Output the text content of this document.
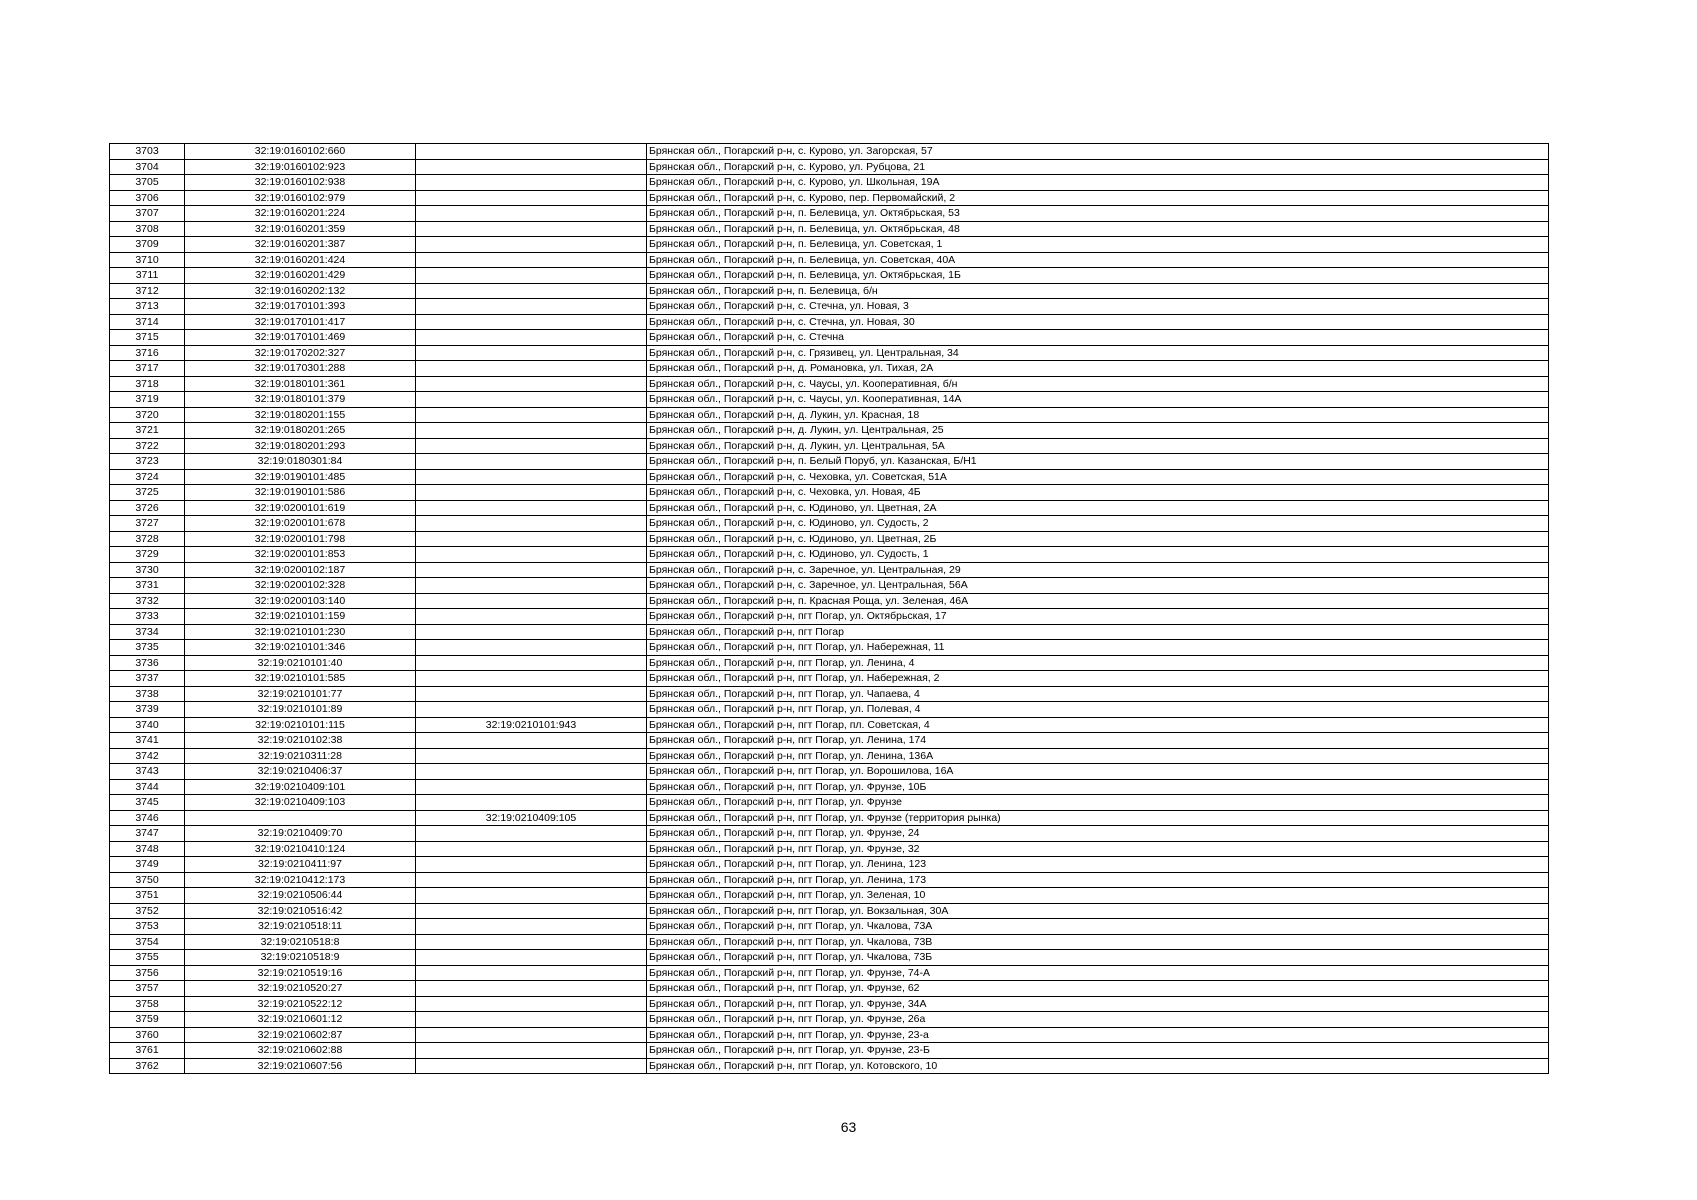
3703	32:19:0160102:660		Брянская обл., Погарский р-н, с. Курово, ул. Загорская, 57
3704	32:19:0160102:923		Брянская обл., Погарский р-н, с. Курово, ул. Рубцова, 21
3705	32:19:0160102:938		Брянская обл., Погарский р-н, с. Курово, ул. Школьная, 19А
3706	32:19:0160102:979		Брянская обл., Погарский р-н, с. Курово, пер. Первомайский, 2
3707	32:19:0160201:224		Брянская обл., Погарский р-н, п. Белевица, ул. Октябрьская, 53
3708	32:19:0160201:359		Брянская обл., Погарский р-н, п. Белевица, ул. Октябрьская, 48
3709	32:19:0160201:387		Брянская обл., Погарский р-н, п. Белевица, ул. Советская, 1
3710	32:19:0160201:424		Брянская обл., Погарский р-н, п. Белевица, ул. Советская, 40А
3711	32:19:0160201:429		Брянская обл., Погарский р-н, п. Белевица, ул. Октябрьская, 1Б
3712	32:19:0160202:132		Брянская обл., Погарский р-н, п. Белевица, б/н
3713	32:19:0170101:393		Брянская обл., Погарский р-н, с. Стечна, ул. Новая, 3
3714	32:19:0170101:417		Брянская обл., Погарский р-н, с. Стечна, ул. Новая, 30
3715	32:19:0170101:469		Брянская обл., Погарский р-н, с. Стечна
3716	32:19:0170202:327		Брянская обл., Погарский р-н, с. Грязивец, ул. Центральная, 34
3717	32:19:0170301:288		Брянская обл., Погарский р-н, д. Романовка, ул. Тихая, 2А
3718	32:19:0180101:361		Брянская обл., Погарский р-н, с. Чаусы, ул. Кооперативная, б/н
3719	32:19:0180101:379		Брянская обл., Погарский р-н, с. Чаусы, ул. Кооперативная, 14А
3720	32:19:0180201:155		Брянская обл., Погарский р-н, д. Лукин, ул. Красная, 18
3721	32:19:0180201:265		Брянская обл., Погарский р-н, д. Лукин, ул. Центральная, 25
3722	32:19:0180201:293		Брянская обл., Погарский р-н, д. Лукин, ул. Центральная, 5А
3723	32:19:0180301:84		Брянская обл., Погарский р-н, п. Белый Поруб, ул. Казанская, Б/Н1
3724	32:19:0190101:485		Брянская обл., Погарский р-н, с. Чеховка, ул. Советская, 51А
3725	32:19:0190101:586		Брянская обл., Погарский р-н, с. Чеховка, ул. Новая, 4Б
3726	32:19:0200101:619		Брянская обл., Погарский р-н, с. Юдиново, ул. Цветная, 2А
3727	32:19:0200101:678		Брянская обл., Погарский р-н, с. Юдиново, ул. Судость, 2
3728	32:19:0200101:798		Брянская обл., Погарский р-н, с. Юдиново, ул. Цветная, 2Б
3729	32:19:0200101:853		Брянская обл., Погарский р-н, с. Юдиново, ул. Судость, 1
3730	32:19:0200102:187		Брянская обл., Погарский р-н, с. Заречное, ул. Центральная, 29
3731	32:19:0200102:328		Брянская обл., Погарский р-н, с. Заречное, ул. Центральная, 56А
3732	32:19:0200103:140		Брянская обл., Погарский р-н, п. Красная Роща, ул. Зеленая, 46А
3733	32:19:0210101:159		Брянская обл., Погарский р-н, пгт Погар, ул. Октябрьская, 17
3734	32:19:0210101:230		Брянская обл., Погарский р-н, пгт Погар
3735	32:19:0210101:346		Брянская обл., Погарский р-н, пгт Погар, ул. Набережная, 11
3736	32:19:0210101:40		Брянская обл., Погарский р-н, пгт Погар, ул. Ленина, 4
3737	32:19:0210101:585		Брянская обл., Погарский р-н, пгт Погар, ул. Набережная, 2
3738	32:19:0210101:77		Брянская обл., Погарский р-н, пгт Погар, ул. Чапаева, 4
3739	32:19:0210101:89		Брянская обл., Погарский р-н, пгт Погар, ул. Полевая, 4
3740	32:19:0210101:115	32:19:0210101:943	Брянская обл., Погарский р-н, пгт Погар, пл. Советская, 4
3741	32:19:0210102:38		Брянская обл., Погарский р-н, пгт Погар, ул. Ленина, 174
3742	32:19:0210311:28		Брянская обл., Погарский р-н, пгт Погар, ул. Ленина, 136А
3743	32:19:0210406:37		Брянская обл., Погарский р-н, пгт Погар, ул. Ворошилова, 16А
3744	32:19:0210409:101		Брянская обл., Погарский р-н, пгт Погар, ул. Фрунзе, 10Б
3745	32:19:0210409:103		Брянская обл., Погарский р-н, пгт Погар, ул. Фрунзе
3746		32:19:0210409:105	Брянская обл., Погарский р-н, пгт Погар, ул. Фрунзе (территория рынка)
3747	32:19:0210409:70		Брянская обл., Погарский р-н, пгт Погар, ул. Фрунзе, 24
3748	32:19:0210410:124		Брянская обл., Погарский р-н, пгт Погар, ул. Фрунзе, 32
3749	32:19:0210411:97		Брянская обл., Погарский р-н, пгт Погар, ул. Ленина, 123
3750	32:19:0210412:173		Брянская обл., Погарский р-н, пгт Погар, ул. Ленина, 173
3751	32:19:0210506:44		Брянская обл., Погарский р-н, пгт Погар, ул. Зеленая, 10
3752	32:19:0210516:42		Брянская обл., Погарский р-н, пгт Погар, ул. Вокзальная, 30А
3753	32:19:0210518:11		Брянская обл., Погарский р-н, пгт Погар, ул. Чкалова, 73А
3754	32:19:0210518:8		Брянская обл., Погарский р-н, пгт Погар, ул. Чкалова, 73В
3755	32:19:0210518:9		Брянская обл., Погарский р-н, пгт Погар, ул. Чкалова, 73Б
3756	32:19:0210519:16		Брянская обл., Погарский р-н, пгт Погар, ул. Фрунзе, 74-А
3757	32:19:0210520:27		Брянская обл., Погарский р-н, пгт Погар, ул. Фрунзе, 62
3758	32:19:0210522:12		Брянская обл., Погарский р-н, пгт Погар, ул. Фрунзе, 34А
3759	32:19:0210601:12		Брянская обл., Погарский р-н, пгт Погар, ул. Фрунзе, 26а
3760	32:19:0210602:87		Брянская обл., Погарский р-н, пгт Погар, ул. Фрунзе, 23-а
3761	32:19:0210602:88		Брянская обл., Погарский р-н, пгт Погар, ул. Фрунзе, 23-Б
3762	32:19:0210607:56		Брянская обл., Погарский р-н, пгт Погар, ул. Котовского, 10
63
